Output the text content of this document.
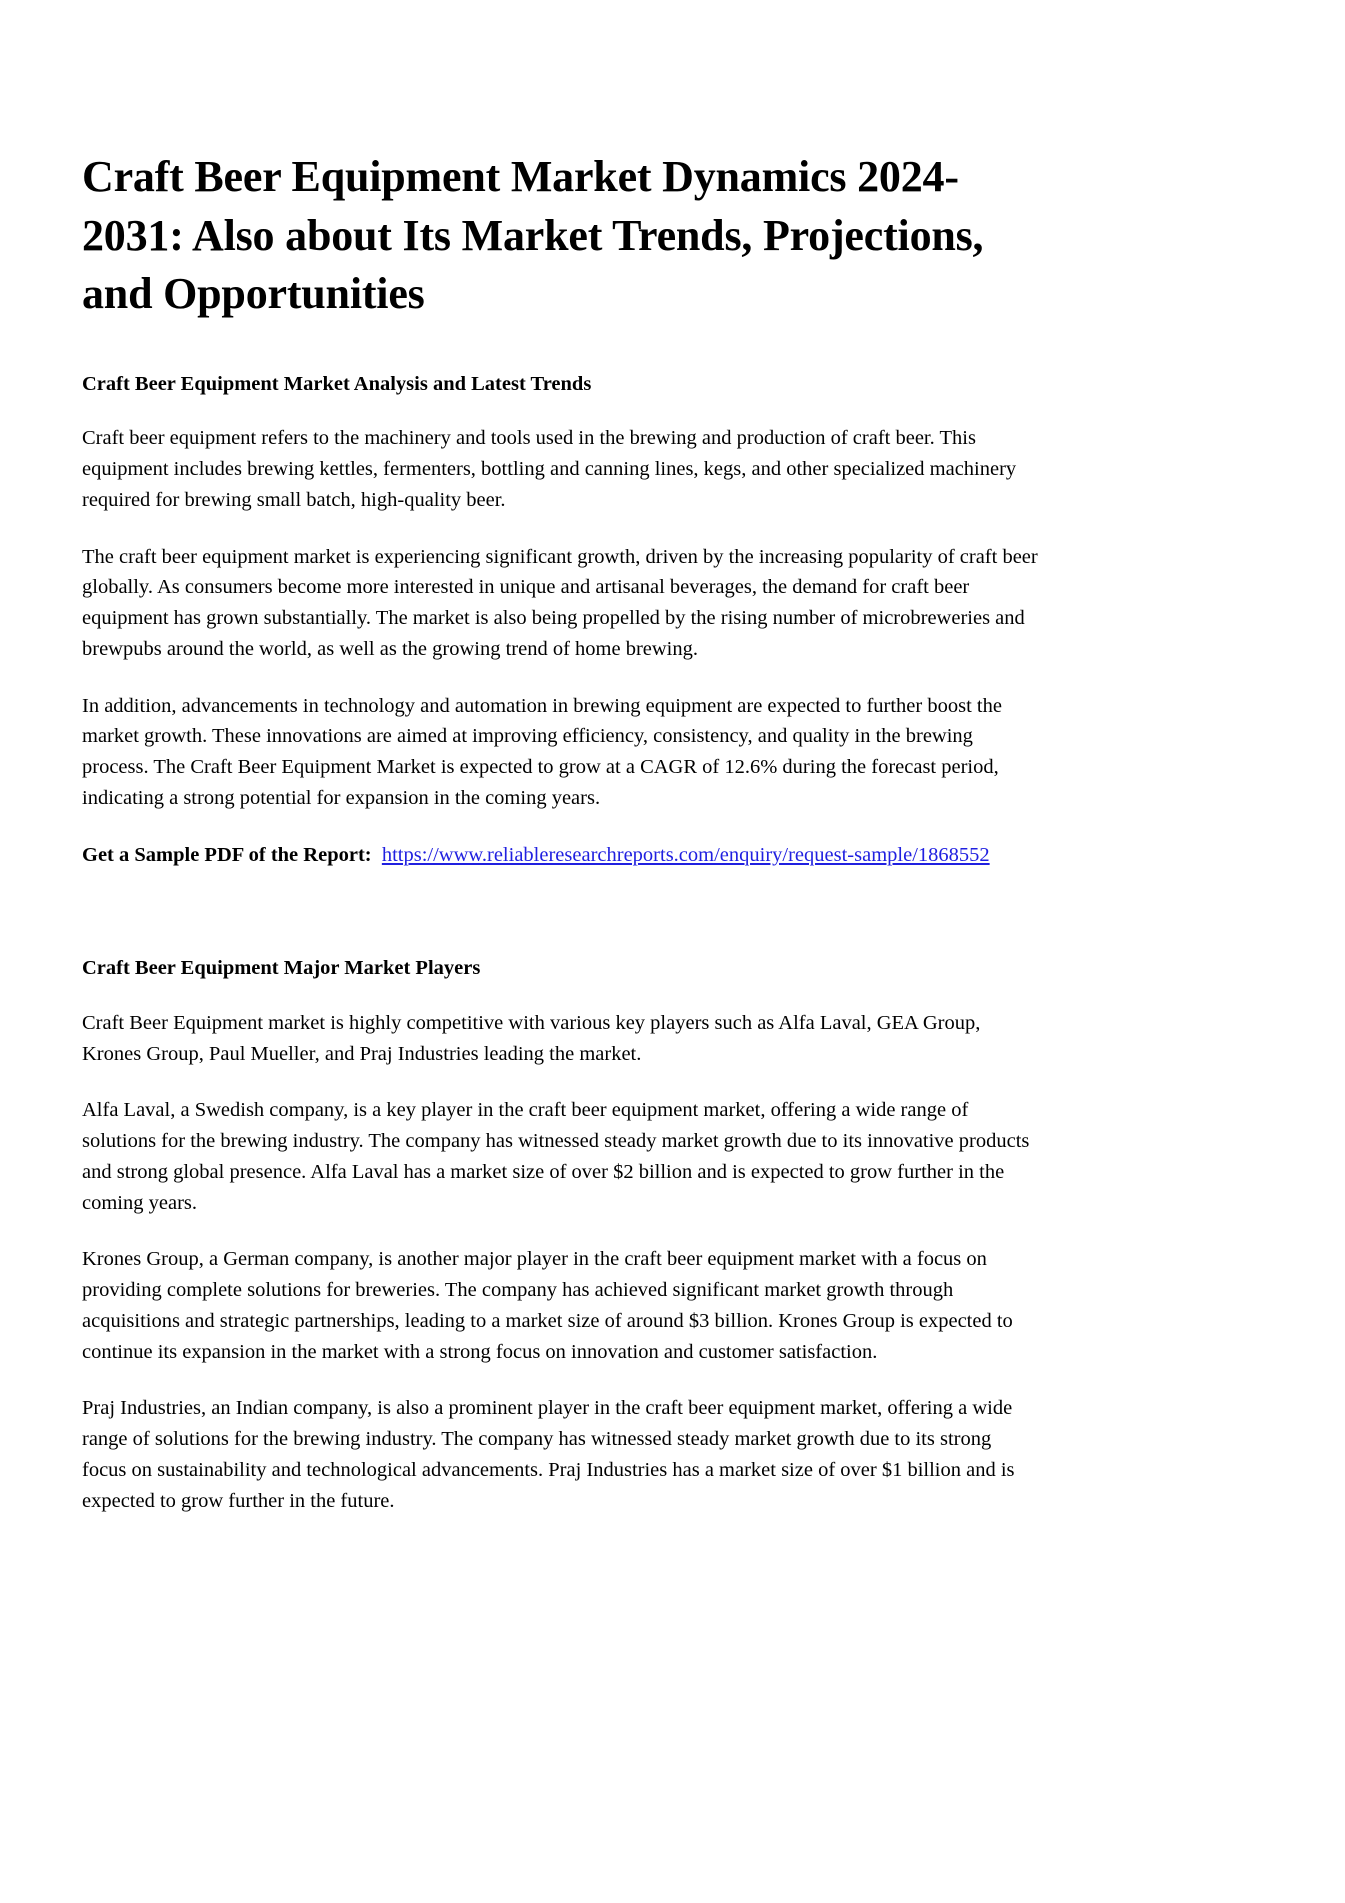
Craft Beer Equipment Market Dynamics 2024-2031: Also about Its Market Trends, Projections, and Opportunities
Craft Beer Equipment Market Analysis and Latest Trends

Craft beer equipment refers to the machinery and tools used in the brewing and production of craft beer. This equipment includes brewing kettles, fermenters, bottling and canning lines, kegs, and other specialized machinery required for brewing small batch, high-quality beer.

The craft beer equipment market is experiencing significant growth, driven by the increasing popularity of craft beer globally. As consumers become more interested in unique and artisanal beverages, the demand for craft beer equipment has grown substantially. The market is also being propelled by the rising number of microbreweries and brewpubs around the world, as well as the growing trend of home brewing.

In addition, advancements in technology and automation in brewing equipment are expected to further boost the market growth. These innovations are aimed at improving efficiency, consistency, and quality in the brewing process. The Craft Beer Equipment Market is expected to grow at a CAGR of 12.6% during the forecast period, indicating a strong potential for expansion in the coming years.

Get a Sample PDF of the Report: https://www.reliableresearchreports.com/enquiry/request-sample/1868552
Craft Beer Equipment Major Market Players

Craft Beer Equipment market is highly competitive with various key players such as Alfa Laval, GEA Group, Krones Group, Paul Mueller, and Praj Industries leading the market.

Alfa Laval, a Swedish company, is a key player in the craft beer equipment market, offering a wide range of solutions for the brewing industry. The company has witnessed steady market growth due to its innovative products and strong global presence. Alfa Laval has a market size of over $2 billion and is expected to grow further in the coming years.

Krones Group, a German company, is another major player in the craft beer equipment market with a focus on providing complete solutions for breweries. The company has achieved significant market growth through acquisitions and strategic partnerships, leading to a market size of around $3 billion. Krones Group is expected to continue its expansion in the market with a strong focus on innovation and customer satisfaction.

Praj Industries, an Indian company, is also a prominent player in the craft beer equipment market, offering a wide range of solutions for the brewing industry. The company has witnessed steady market growth due to its strong focus on sustainability and technological advancements. Praj Industries has a market size of over $1 billion and is expected to grow further in the future.
